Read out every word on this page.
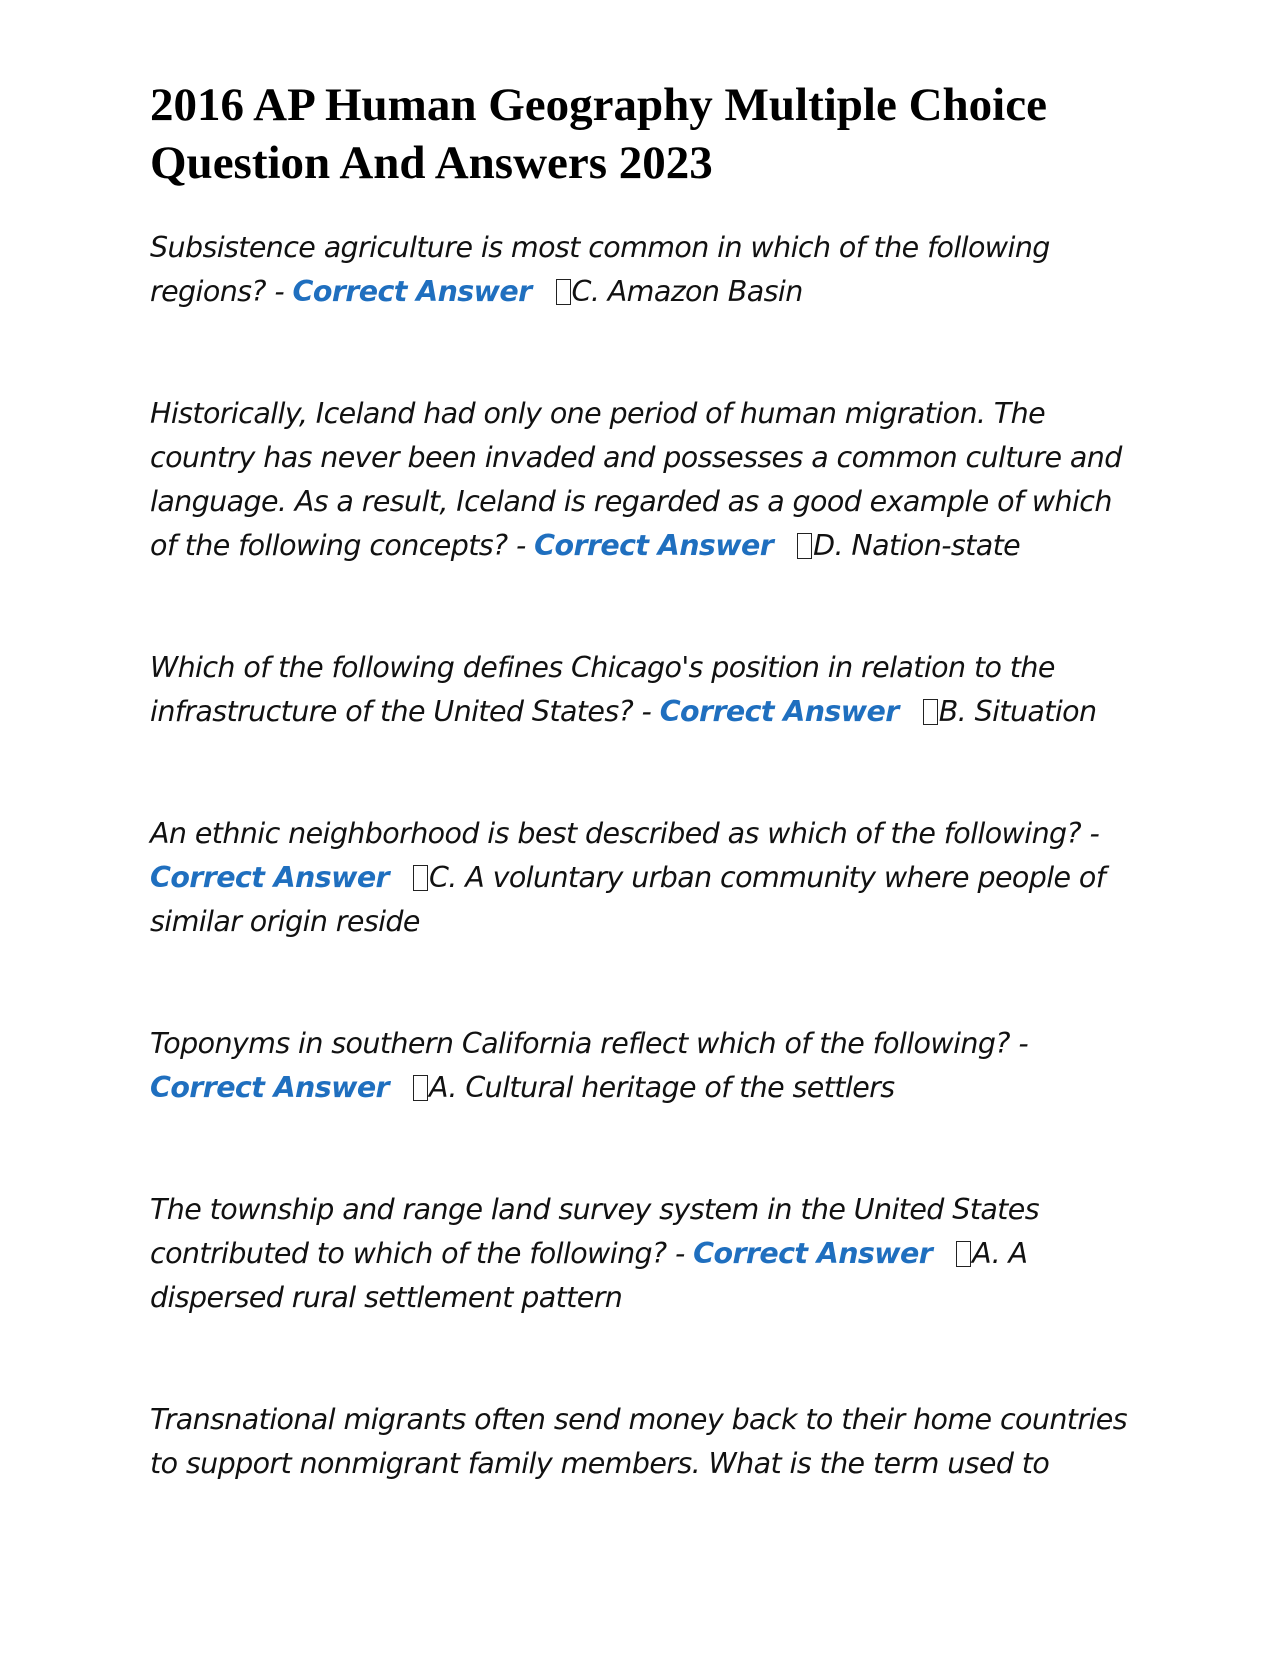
2016 AP Human Geography Multiple Choice Question And Answers 2023

Subsistence agriculture is most common in which of the following regions? - Correct Answer C. Amazon Basin

Historically, Iceland had only one period of human migration. The country has never been invaded and possesses a common culture and language. As a result, Iceland is regarded as a good example of which of the following concepts? - Correct Answer D. Nation-state

Which of the following defines Chicago's position in relation to the infrastructure of the United States? - Correct Answer B. Situation

An ethnic neighborhood is best described as which of the following? - Correct Answer C. A voluntary urban community where people of similar origin reside

Toponyms in southern California reflect which of the following? - Correct Answer A. Cultural heritage of the settlers

The township and range land survey system in the United States contributed to which of the following? - Correct Answer A. A dispersed rural settlement pattern

Transnational migrants often send money back to their home countries to support nonmigrant family members. What is the term used to
